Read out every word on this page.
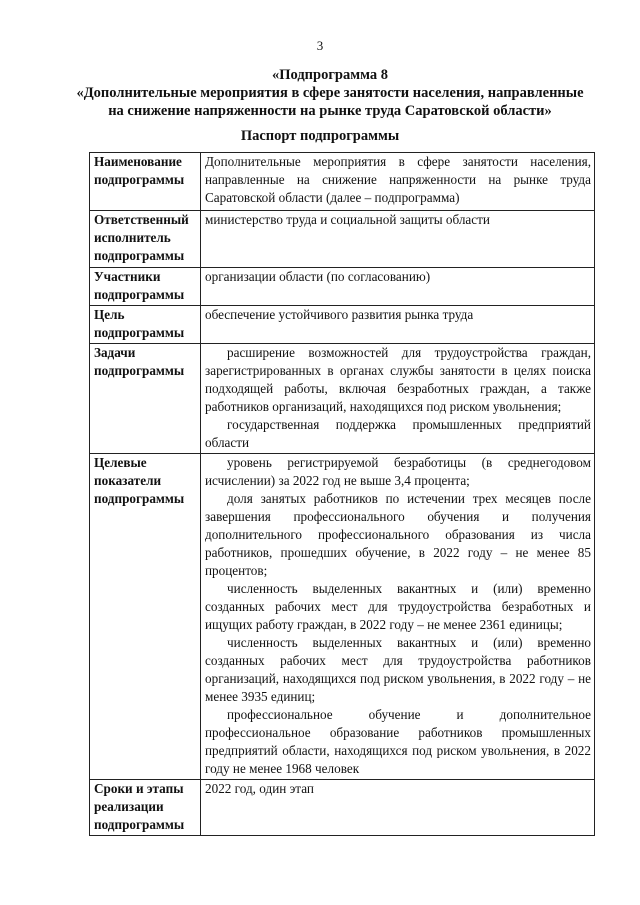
3
«Подпрограмма 8
«Дополнительные мероприятия в сфере занятости населения, направленные
на снижение напряженности на рынке труда Саратовской области»
Паспорт подпрограммы
Наименование подпрограммы	Дополнительные мероприятия в сфере занятости населения, направленные на снижение напряженности на рынке труда Саратовской области (далее – подпрограмма)

Ответственный исполнитель подпрограммы	министерство труда и социальной защиты области

Участники подпрограммы	организации области (по согласованию)

Цель подпрограммы	обеспечение устойчивого развития рынка труда

Задачи подпрограммы	расширение возможностей для трудоустройства граждан, зарегистрированных в органах службы занятости в целях поиска подходящей работы, включая безработных граждан, а также работников организаций, находящихся под риском увольнения;
государственная поддержка промышленных предприятий области

Целевые показатели подпрограммы	уровень регистрируемой безработицы (в среднегодовом исчислении) за 2022 год не выше 3,4 процента;
доля занятых работников по истечении трех месяцев после завершения профессионального обучения и получения дополнительного профессионального образования из числа работников, прошедших обучение, в 2022 году – не менее 85 процентов;
численность выделенных вакантных и (или) временно созданных рабочих мест для трудоустройства безработных и ищущих работу граждан, в 2022 году – не менее 2361 единицы;
численность выделенных вакантных и (или) временно созданных рабочих мест для трудоустройства работников организаций, находящихся под риском увольнения, в 2022 году – не менее 3935 единиц;
профессиональное обучение и дополнительное профессиональное образование работников промышленных предприятий области, находящихся под риском увольнения, в 2022 году не менее 1968 человек

Сроки и этапы реализации подпрограммы	2022 год, один этап
